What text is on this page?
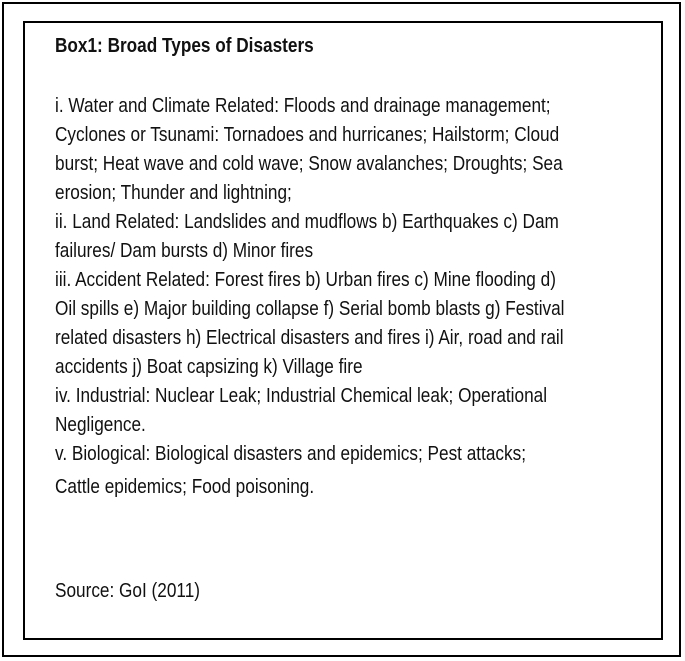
Box1: Broad Types of Disasters
i. Water and Climate Related: Floods and drainage management;
Cyclones or Tsunami: Tornadoes and hurricanes; Hailstorm; Cloud
burst; Heat wave and cold wave; Snow avalanches; Droughts; Sea
erosion; Thunder and lightning;
ii. Land Related: Landslides and mudflows b) Earthquakes c) Dam
failures/ Dam bursts d) Minor fires
iii. Accident Related: Forest fires b) Urban fires c) Mine flooding d)
Oil spills e) Major building collapse f) Serial bomb blasts g) Festival
related disasters h) Electrical disasters and fires i) Air, road and rail
accidents j) Boat capsizing k) Village fire
iv. Industrial: Nuclear Leak; Industrial Chemical leak; Operational
Negligence.
v. Biological: Biological disasters and epidemics; Pest attacks;
Cattle epidemics; Food poisoning.
Source: GoI (2011)
